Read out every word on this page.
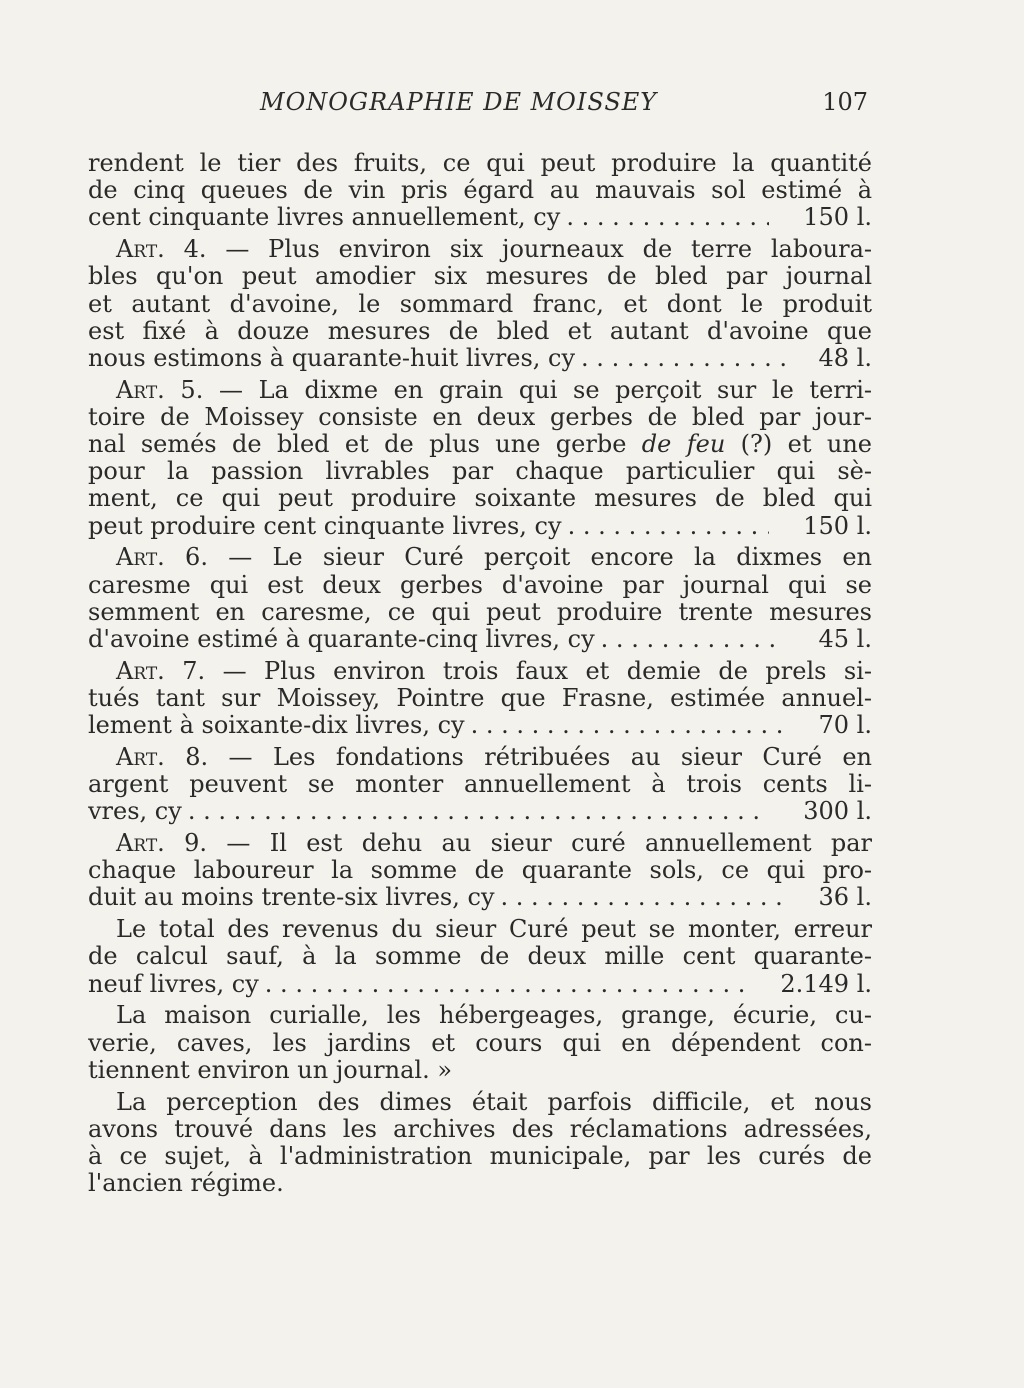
MONOGRAPHIE DE MOISSEY	107
rendent le tier des fruits, ce qui peut produire la quantité
de cinq queues de vin pris égard au mauvais sol estimé à
cent cinquante livres annuellement, cy . . .	150 l.
Art. 4. — Plus environ six journeaux de terre laboura-
bles qu'on peut amodier six mesures de bled par journal
et autant d'avoine, le sommard franc, et dont le produit
est fixé à douze mesures de bled et autant d'avoine que
nous estimons à quarante-huit livres, cy . . .	48 l.
Art. 5. — La dixme en grain qui se perçoit sur le terri-
toire de Moissey consiste en deux gerbes de bled par jour-
nal semés de bled et de plus une gerbe de feu (?) et une
pour la passion livrables par chaque particulier qui sè-
ment, ce qui peut produire soixante mesures de bled qui
peut produire cent cinquante livres, cy . . .	150 l.
Art. 6. — Le sieur Curé perçoit encore la dixmes en
caresme qui est deux gerbes d'avoine par journal qui se
semment en caresme, ce qui peut produire trente mesures
d'avoine estimé à quarante-cinq livres, cy . . .	45 l.
Art. 7. — Plus environ trois faux et demie de prels si-
tués tant sur Moissey, Pointre que Frasne, estimée annuel-
lement à soixante-dix livres, cy . . .	70 l.
Art. 8. — Les fondations rétribuées au sieur Curé en
argent peuvent se monter annuellement à trois cents li-
vres, cy . . .	300 l.
Art. 9. — Il est dehu au sieur curé annuellement par
chaque laboureur la somme de quarante sols, ce qui pro-
duit au moins trente-six livres, cy . . .	36 l.
Le total des revenus du sieur Curé peut se monter, erreur
de calcul sauf, à la somme de deux mille cent quarante-
neuf livres, cy . . .	2.149 l.
La maison curialle, les hébergeages, grange, écurie, cu-
verie, caves, les jardins et cours qui en dépendent con-
tiennent environ un journal. »
La perception des dimes était parfois difficile, et nous
avons trouvé dans les archives des réclamations adressées,
à ce sujet, à l'administration municipale, par les curés de
l'ancien régime.
